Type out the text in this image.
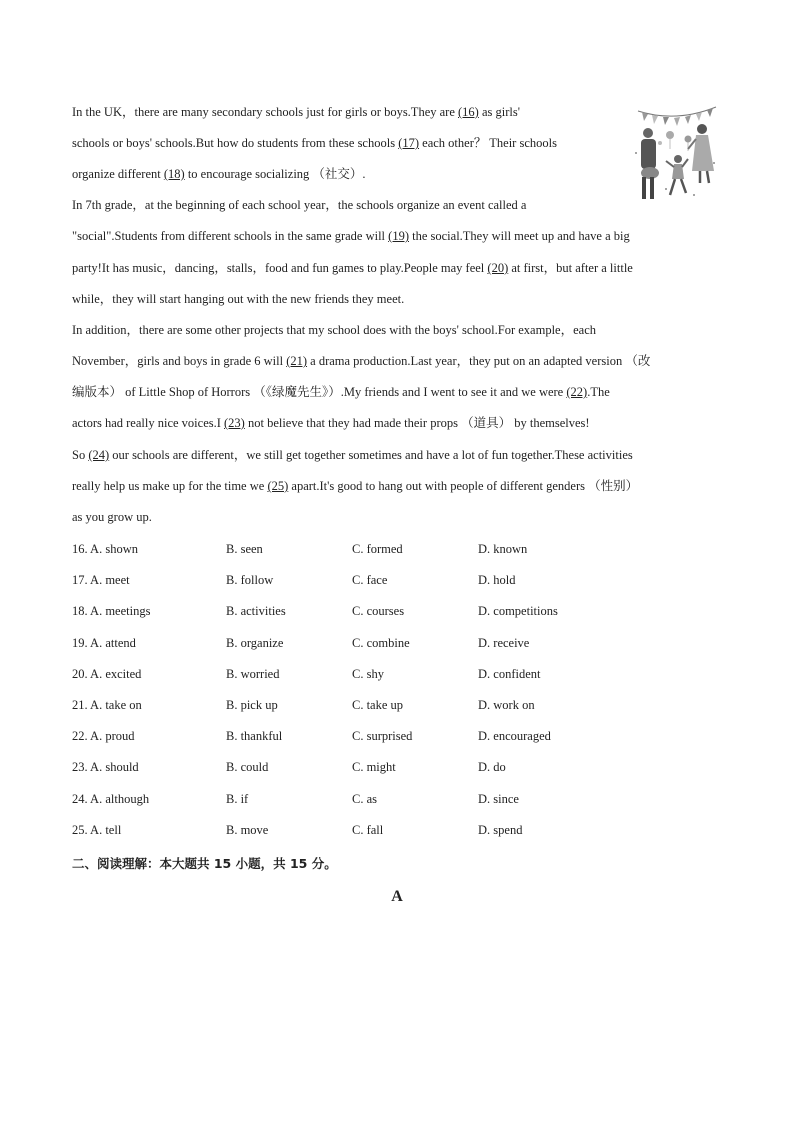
In the UK，there are many secondary schools just for girls or boys.They are (16) as girls'
schools or boys' schools.But how do students from these schools (17) each other？ Their schools
organize different (18) to encourage socializing （社交）.
In 7th grade，at the beginning of each school year，the schools organize an event called a
"social".Students from different schools in the same grade will (19) the social.They will meet up and have a big
party!It has music，dancing，stalls，food and fun games to play.People may feel (20) at first，but after a little
while，they will start hanging out with the new friends they meet.
In addition，there are some other projects that my school does with the boys' school.For example，each
November，girls and boys in grade 6 will (21) a drama production.Last year，they put on an adapted version （改
编版本） of Little Shop of Horrors （《绿魔先生》）.My friends and I went to see it and we were (22).The
actors had really nice voices.I (23) not believe that they had made their props （道具） by themselves!
So (24) our schools are different，we still get together sometimes and have a lot of fun together.These activities
really help us make up for the time we (25) apart.It's good to hang out with people of different genders （性别）
as you grow up.
16. A. shown	B. seen	C. formed	D. known
17. A. meet	B. follow	C. face	D. hold
18. A. meetings	B. activities	C. courses	D. competitions
19. A. attend	B. organize	C. combine	D. receive
20. A. excited	B. worried	C. shy	D. confident
21. A. take on	B. pick up	C. take up	D. work on
22. A. proud	B. thankful	C. surprised	D. encouraged
23. A. should	B. could	C. might	D. do
24. A. although	B. if	C. as	D. since
25. A. tell	B. move	C. fall	D. spend
二、阅读理解：本大题共 15 小题，共 15 分。
A
